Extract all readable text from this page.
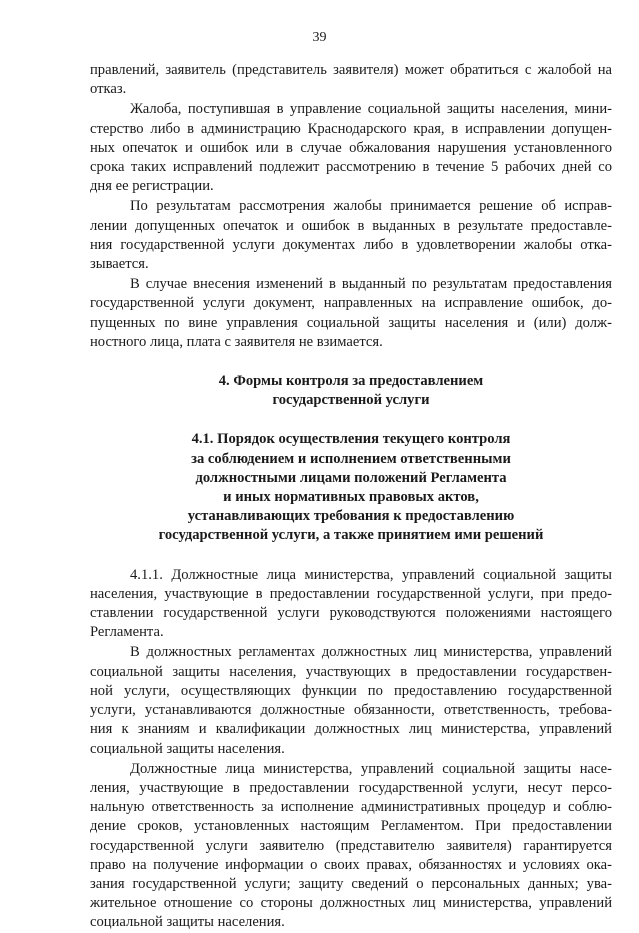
39

правлений, заявитель (представитель заявителя) может обратиться с жалобой на
отказ.

Жалоба, поступившая в управление социальной защиты населения, мини-
стерство либо в администрацию Краснодарского края, в исправлении допущен-
ных опечаток и ошибок или в случае обжалования нарушения установленного
срока таких исправлений подлежит рассмотрению в течение 5 рабочих дней со
дня ее регистрации.

По результатам рассмотрения жалобы принимается решение об исправ-
лении допущенных опечаток и ошибок в выданных в результате предоставле-
ния государственной услуги документах либо в удовлетворении жалобы отка-
зывается.

В случае внесения изменений в выданный по результатам предоставления
государственной услуги документ, направленных на исправление ошибок, до-
пущенных по вине управления социальной защиты населения и (или) долж-
ностного лица, плата с заявителя не взимается.

4. Формы контроля за предоставлением
государственной услуги
4.1. Порядок осуществления текущего контроля
за соблюдением и исполнением ответственными
должностными лицами положений Регламента
и иных нормативных правовых актов,
устанавливающих требования к предоставлению
государственной услуги, а также принятием ими решений

4.1.1. Должностные лица министерства, управлений социальной защиты
населения, участвующие в предоставлении государственной услуги, при предо-
ставлении государственной услуги руководствуются положениями настоящего
Регламента.

В должностных регламентах должностных лиц министерства, управлений
социальной защиты населения, участвующих в предоставлении государствен-
ной услуги, осуществляющих функции по предоставлению государственной
услуги, устанавливаются должностные обязанности, ответственность, требова-
ния к знаниям и квалификации должностных лиц министерства, управлений
социальной защиты населения.

Должностные лица министерства, управлений социальной защиты насе-
ления, участвующие в предоставлении государственной услуги, несут персо-
нальную ответственность за исполнение административных процедур и соблю-
дение сроков, установленных настоящим Регламентом. При предоставлении
государственной услуги заявителю (представителю заявителя) гарантируется
право на получение информации о своих правах, обязанностях и условиях ока-
зания государственной услуги; защиту сведений о персональных данных; ува-
жительное отношение со стороны должностных лиц министерства, управлений
социальной защиты населения.
